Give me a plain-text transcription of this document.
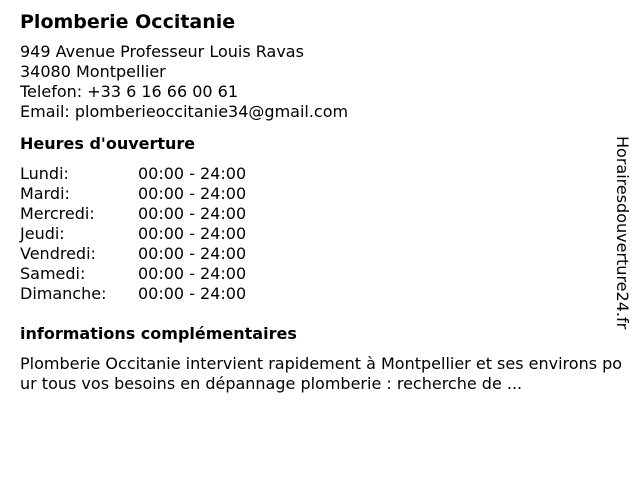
Plomberie Occitanie
949 Avenue Professeur Louis Ravas
34080 Montpellier
Telefon: +33 6 16 66 00 61
Email: plomberieoccitanie34@gmail.com
Heures d'ouverture
Lundi:	00:00 - 24:00
Mardi:	00:00 - 24:00
Mercredi:	00:00 - 24:00
Jeudi:	00:00 - 24:00
Vendredi:	00:00 - 24:00
Samedi:	00:00 - 24:00
Dimanche:	00:00 - 24:00
informations complémentaires
Plomberie Occitanie intervient rapidement à Montpellier et ses environs pour tous vos besoins en dépannage plomberie : recherche de ...
Horairesdouverture24.fr
